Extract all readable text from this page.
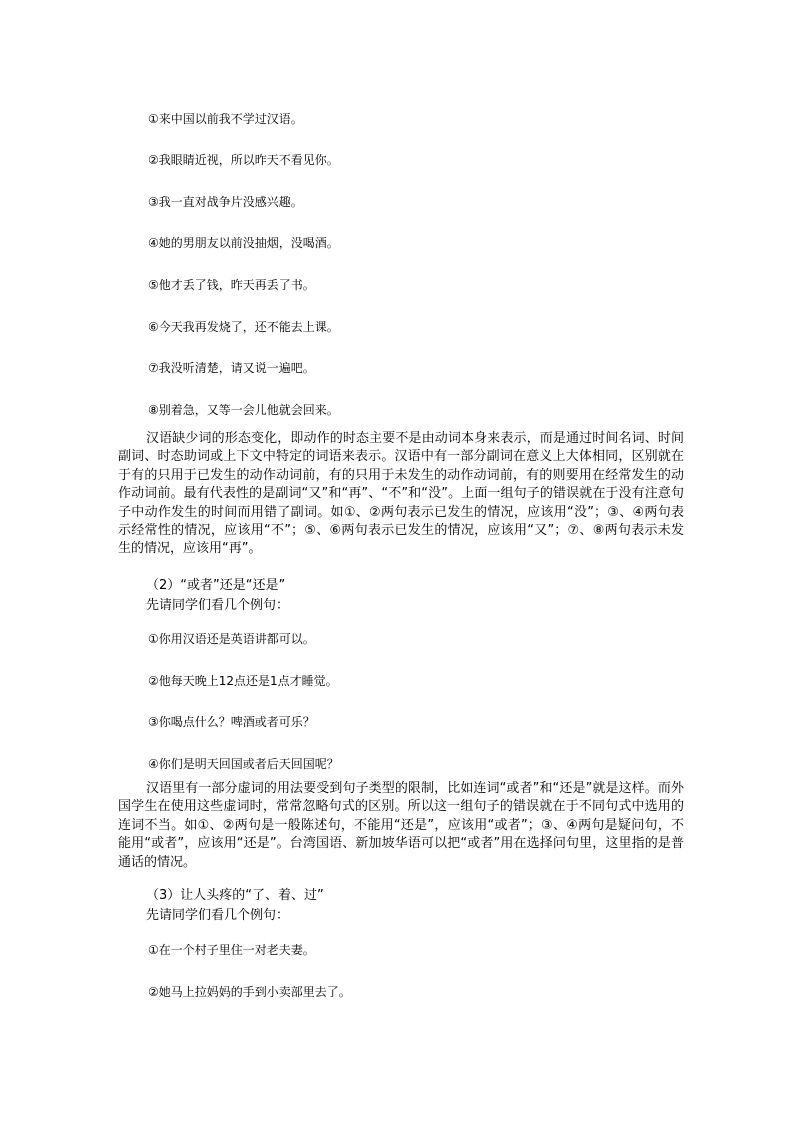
①来中国以前我不学过汉语。
②我眼睛近视，所以昨天不看见你。
③我一直对战争片没感兴趣。
④她的男朋友以前没抽烟，没喝酒。
⑤他才丢了钱，昨天再丢了书。
⑥今天我再发烧了，还不能去上课。
⑦我没听清楚，请又说一遍吧。
⑧别着急，又等一会儿他就会回来。
汉语缺少词的形态变化，即动作的时态主要不是由动词本身来表示，而是通过时间名词、时间副词、时态助词或上下文中特定的词语来表示。汉语中有一部分副词在意义上大体相同，区别就在于有的只用于已发生的动作动词前，有的只用于未发生的动作动词前，有的则要用在经常发生的动作动词前。最有代表性的是副词“又”和“再”、“不”和“没”。上面一组句子的错误就在于没有注意句子中动作发生的时间而用错了副词。如①、②两句表示已发生的情况，应该用“没”；③、④两句表示经常性的情况，应该用“不”；⑤、⑥两句表示已发生的情况，应该用“又”；⑦、⑧两句表示未发生的情况，应该用“再”。
（2）“或者”还是“还是”
先请同学们看几个例句：
①你用汉语还是英语讲都可以。
②他每天晚上12点还是1点才睡觉。
③你喝点什么？啤酒或者可乐？
④你们是明天回国或者后天回国呢？
汉语里有一部分虚词的用法要受到句子类型的限制，比如连词“或者”和“还是”就是这样。而外国学生在使用这些虚词时，常常忽略句式的区别。所以这一组句子的错误就在于不同句式中选用的连词不当。如①、②两句是一般陈述句，不能用“还是”，应该用“或者”；③、④两句是疑问句，不能用“或者”，应该用“还是”。台湾国语、新加坡华语可以把“或者”用在选择问句里，这里指的是普通话的情况。
（3）让人头疼的“了、着、过”
先请同学们看几个例句：
①在一个村子里住一对老夫妻。
②她马上拉妈妈的手到小卖部里去了。
